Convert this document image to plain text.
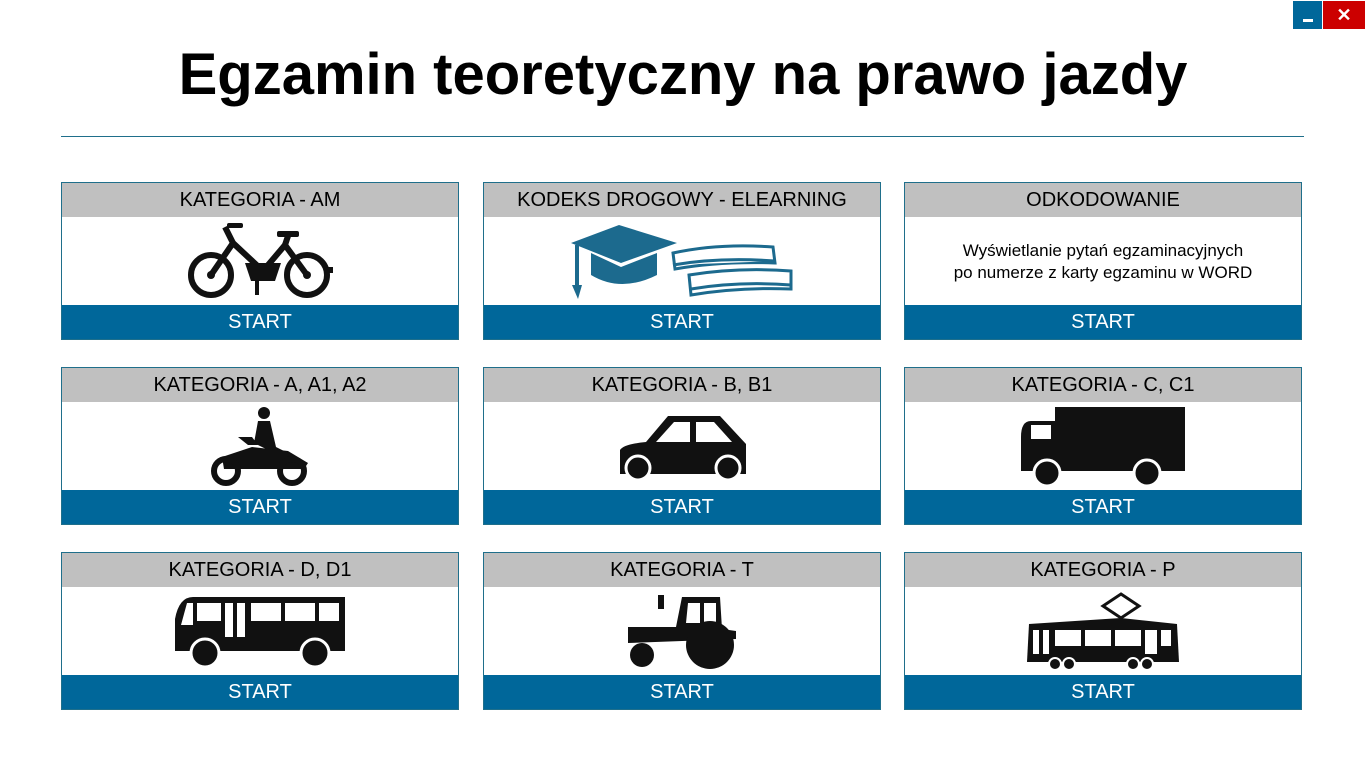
✕
Egzamin teoretyczny na prawo jazdy
KATEGORIA - AM
START
KODEKS DROGOWY - ELEARNING
START
ODKODOWANIE
Wyświetlanie pytań egzaminacyjnych
po numerze z karty egzaminu w WORD
START
KATEGORIA - A, A1, A2
START
KATEGORIA - B, B1
START
KATEGORIA - C, C1
START
KATEGORIA - D, D1
START
KATEGORIA - T
START
KATEGORIA - P
START
